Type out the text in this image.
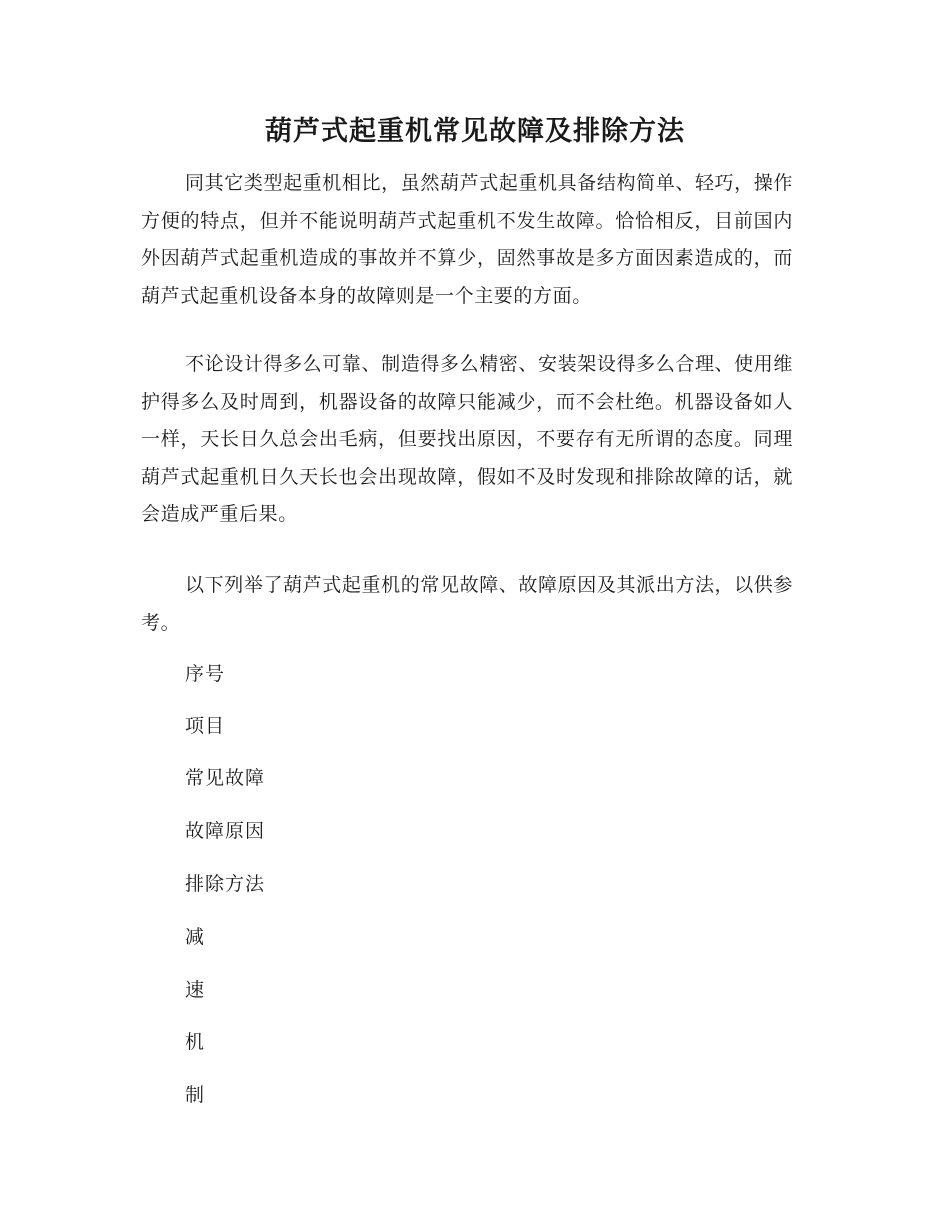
葫芦式起重机常见故障及排除方法

同其它类型起重机相比，虽然葫芦式起重机具备结构简单、轻巧，操作方便的特点，但并不能说明葫芦式起重机不发生故障。恰恰相反，目前国内外因葫芦式起重机造成的事故并不算少，固然事故是多方面因素造成的，而葫芦式起重机设备本身的故障则是一个主要的方面。

不论设计得多么可靠、制造得多么精密、安装架设得多么合理、使用维护得多么及时周到，机器设备的故障只能减少，而不会杜绝。机器设备如人一样，天长日久总会出毛病，但要找出原因，不要存有无所谓的态度。同理葫芦式起重机日久天长也会出现故障，假如不及时发现和排除故障的话，就会造成严重后果。

以下列举了葫芦式起重机的常见故障、故障原因及其派出方法，以供参考。

序号
项目
常见故障
故障原因
排除方法
减
速
机
制
